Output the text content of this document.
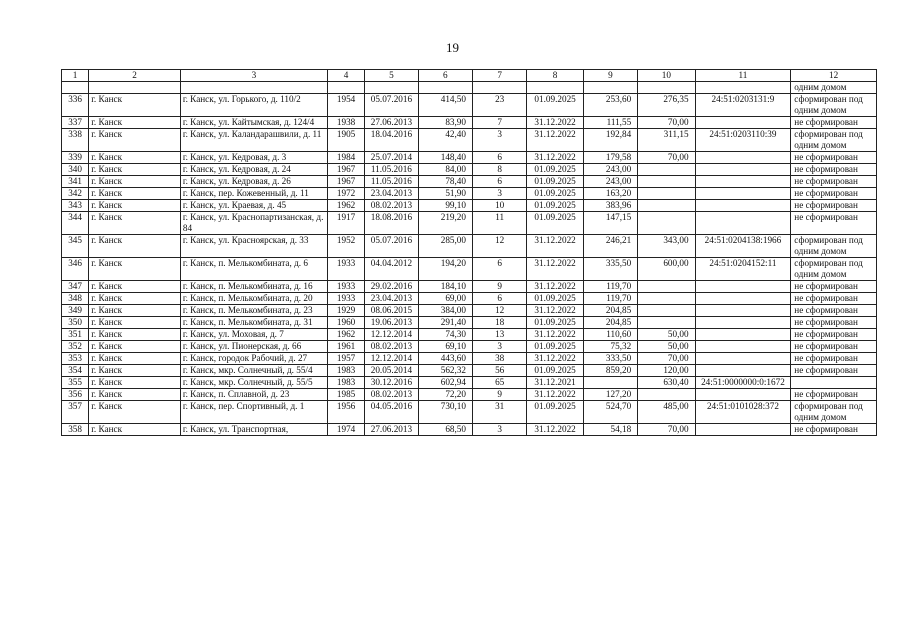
19
1	2	3	4	5	6	7	8	9	10	11	12
											одним домом
336	г. Канск	г. Канск, ул. Горького, д. 110/2	1954	05.07.2016	414,50	23	01.09.2025	253,60	276,35	24:51:0203131:9	сформирован под одним домом
337	г. Канск	г. Канск, ул. Кайтымская, д. 124/4	1938	27.06.2013	83,90	7	31.12.2022	111,55	70,00		не сформирован
338	г. Канск	г. Канск, ул. Каландарашвили, д. 11	1905	18.04.2016	42,40	3	31.12.2022	192,84	311,15	24:51:0203110:39	сформирован под одним домом
339	г. Канск	г. Канск, ул. Кедровая, д. 3	1984	25.07.2014	148,40	6	31.12.2022	179,58	70,00		не сформирован
340	г. Канск	г. Канск, ул. Кедровая, д. 24	1967	11.05.2016	84,00	8	01.09.2025	243,00			не сформирован
341	г. Канск	г. Канск, ул. Кедровая, д. 26	1967	11.05.2016	78,40	6	01.09.2025	243,00			не сформирован
342	г. Канск	г. Канск, пер. Кожевенный, д. 11	1972	23.04.2013	51,90	3	01.09.2025	163,20			не сформирован
343	г. Канск	г. Канск, ул. Краевая, д. 45	1962	08.02.2013	99,10	10	01.09.2025	383,96			не сформирован
344	г. Канск	г. Канск, ул. Краснопартизанская, д. 84	1917	18.08.2016	219,20	11	01.09.2025	147,15			не сформирован
345	г. Канск	г. Канск, ул. Красноярская, д. 33	1952	05.07.2016	285,00	12	31.12.2022	246,21	343,00	24:51:0204138:1966	сформирован под одним домом
346	г. Канск	г. Канск, п. Мелькомбината, д. 6	1933	04.04.2012	194,20	6	31.12.2022	335,50	600,00	24:51:0204152:11	сформирован под одним домом
347	г. Канск	г. Канск, п. Мелькомбината, д. 16	1933	29.02.2016	184,10	9	31.12.2022	119,70			не сформирован
348	г. Канск	г. Канск, п. Мелькомбината, д. 20	1933	23.04.2013	69,00	6	01.09.2025	119,70			не сформирован
349	г. Канск	г. Канск, п. Мелькомбината, д. 23	1929	08.06.2015	384,00	12	31.12.2022	204,85			не сформирован
350	г. Канск	г. Канск, п. Мелькомбината, д. 31	1960	19.06.2013	291,40	18	01.09.2025	204,85			не сформирован
351	г. Канск	г. Канск, ул. Моховая, д. 7	1962	12.12.2014	74,30	13	31.12.2022	110,60	50,00		не сформирован
352	г. Канск	г. Канск, ул. Пионерская, д. 66	1961	08.02.2013	69,10	3	01.09.2025	75,32	50,00		не сформирован
353	г. Канск	г. Канск, городок Рабочий, д. 27	1957	12.12.2014	443,60	38	31.12.2022	333,50	70,00		не сформирован
354	г. Канск	г. Канск, мкр. Солнечный, д. 55/4	1983	20.05.2014	562,32	56	01.09.2025	859,20	120,00		не сформирован
355	г. Канск	г. Канск, мкр. Солнечный, д. 55/5	1983	30.12.2016	602,94	65	31.12.2021		630,40	24:51:0000000:0:1672	
356	г. Канск	г. Канск, п. Сплавной, д. 23	1985	08.02.2013	72,20	9	31.12.2022	127,20			не сформирован
357	г. Канск	г. Канск, пер. Спортивный, д. 1	1956	04.05.2016	730,10	31	01.09.2025	524,70	485,00	24:51:0101028:372	сформирован под одним домом
358	г. Канск	г. Канск, ул. Транспортная,	1974	27.06.2013	68,50	3	31.12.2022	54,18	70,00		не сформирован
